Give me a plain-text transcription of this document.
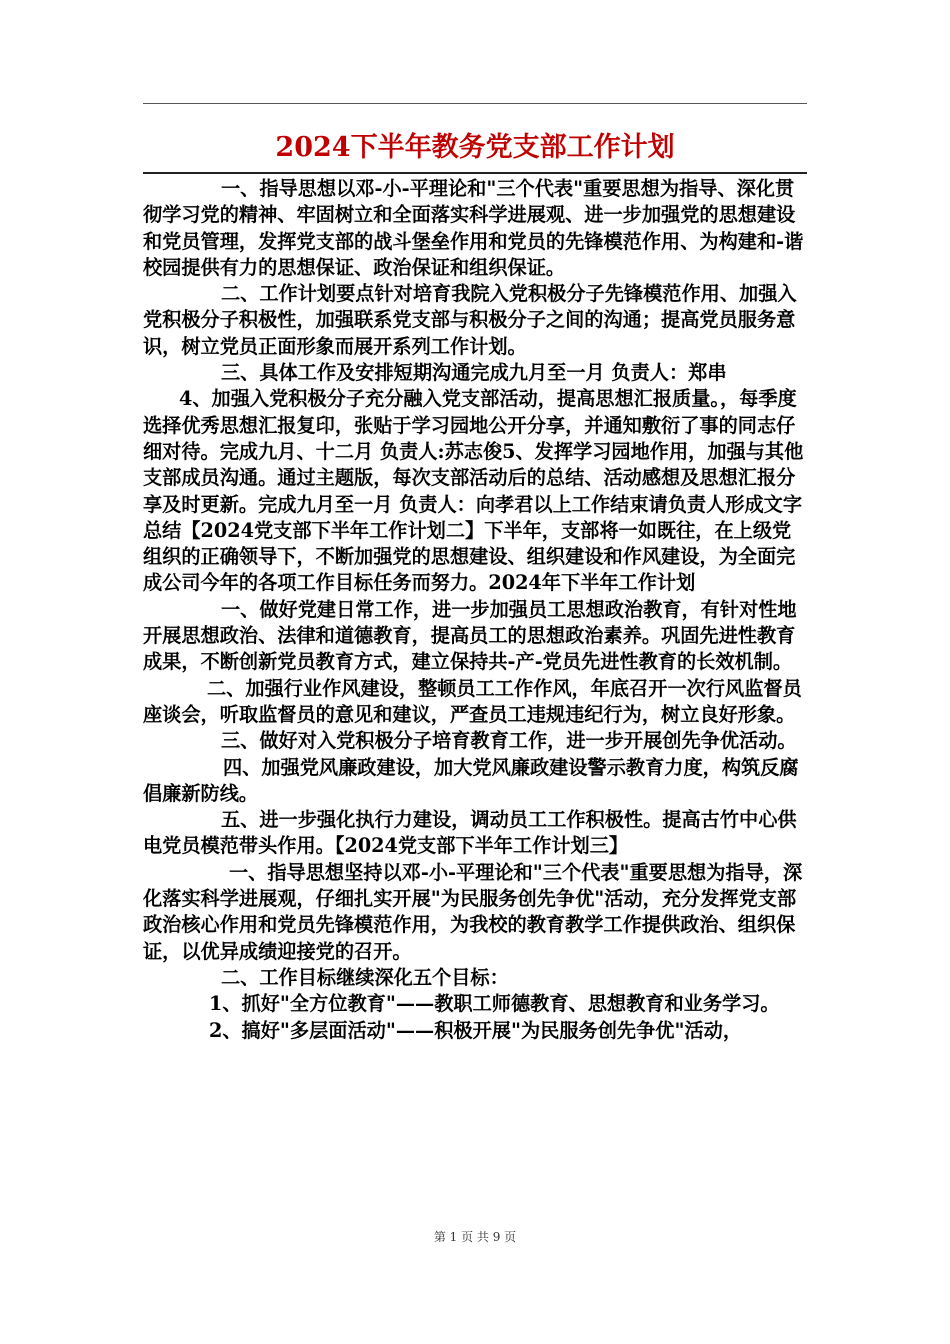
2024下半年教务党支部工作计划

一、指导思想以邓-小-平理论和"三个代表"重要思想为指导、深化贯彻学习党的精神、牢固树立和全面落实科学进展观、进一步加强党的思想建设和党员管理，发挥党支部的战斗堡垒作用和党员的先锋模范作用、为构建和-谐校园提供有力的思想保证、政治保证和组织保证。

二、工作计划要点针对培育我院入党积极分子先锋模范作用、加强入党积极分子积极性，加强联系党支部与积极分子之间的沟通；提高党员服务意识，树立党员正面形象而展开系列工作计划。

三、具体工作及安排短期沟通完成九月至一月 负责人：郑串

4、加强入党积极分子充分融入党支部活动，提高思想汇报质量。，每季度选择优秀思想汇报复印，张贴于学习园地公开分享，并通知敷衍了事的同志仔细对待。完成九月、十二月 负责人:苏志俊5、发挥学习园地作用，加强与其他支部成员沟通。通过主题版，每次支部活动后的总结、活动感想及思想汇报分享及时更新。完成九月至一月 负责人：向孝君以上工作结束请负责人形成文字总结【2024党支部下半年工作计划二】下半年，支部将一如既往，在上级党组织的正确领导下，不断加强党的思想建设、组织建设和作风建设，为全面完成公司今年的各项工作目标任务而努力。2024年下半年工作计划

一、做好党建日常工作，进一步加强员工思想政治教育，有针对性地开展思想政治、法律和道德教育，提高员工的思想政治素养。巩固先进性教育成果，不断创新党员教育方式，建立保持共-产-党员先进性教育的长效机制。

二、加强行业作风建设，整顿员工工作作风，年底召开一次行风监督员座谈会，听取监督员的意见和建议，严查员工违规违纪行为，树立良好形象。

三、做好对入党积极分子培育教育工作，进一步开展创先争优活动。

四、加强党风廉政建设，加大党风廉政建设警示教育力度，构筑反腐倡廉新防线。

五、进一步强化执行力建设，调动员工工作积极性。提高古竹中心供电党员模范带头作用。【2024党支部下半年工作计划三】

一、指导思想坚持以邓-小-平理论和"三个代表"重要思想为指导，深化落实科学进展观，仔细扎实开展"为民服务创先争优"活动，充分发挥党支部政治核心作用和党员先锋模范作用，为我校的教育教学工作提供政治、组织保证，以优异成绩迎接党的召开。

二、工作目标继续深化五个目标：

1、抓好"全方位教育"——教职工师德教育、思想教育和业务学习。

2、搞好"多层面活动"——积极开展"为民服务创先争优"活动，

第 1 页 共 9 页
